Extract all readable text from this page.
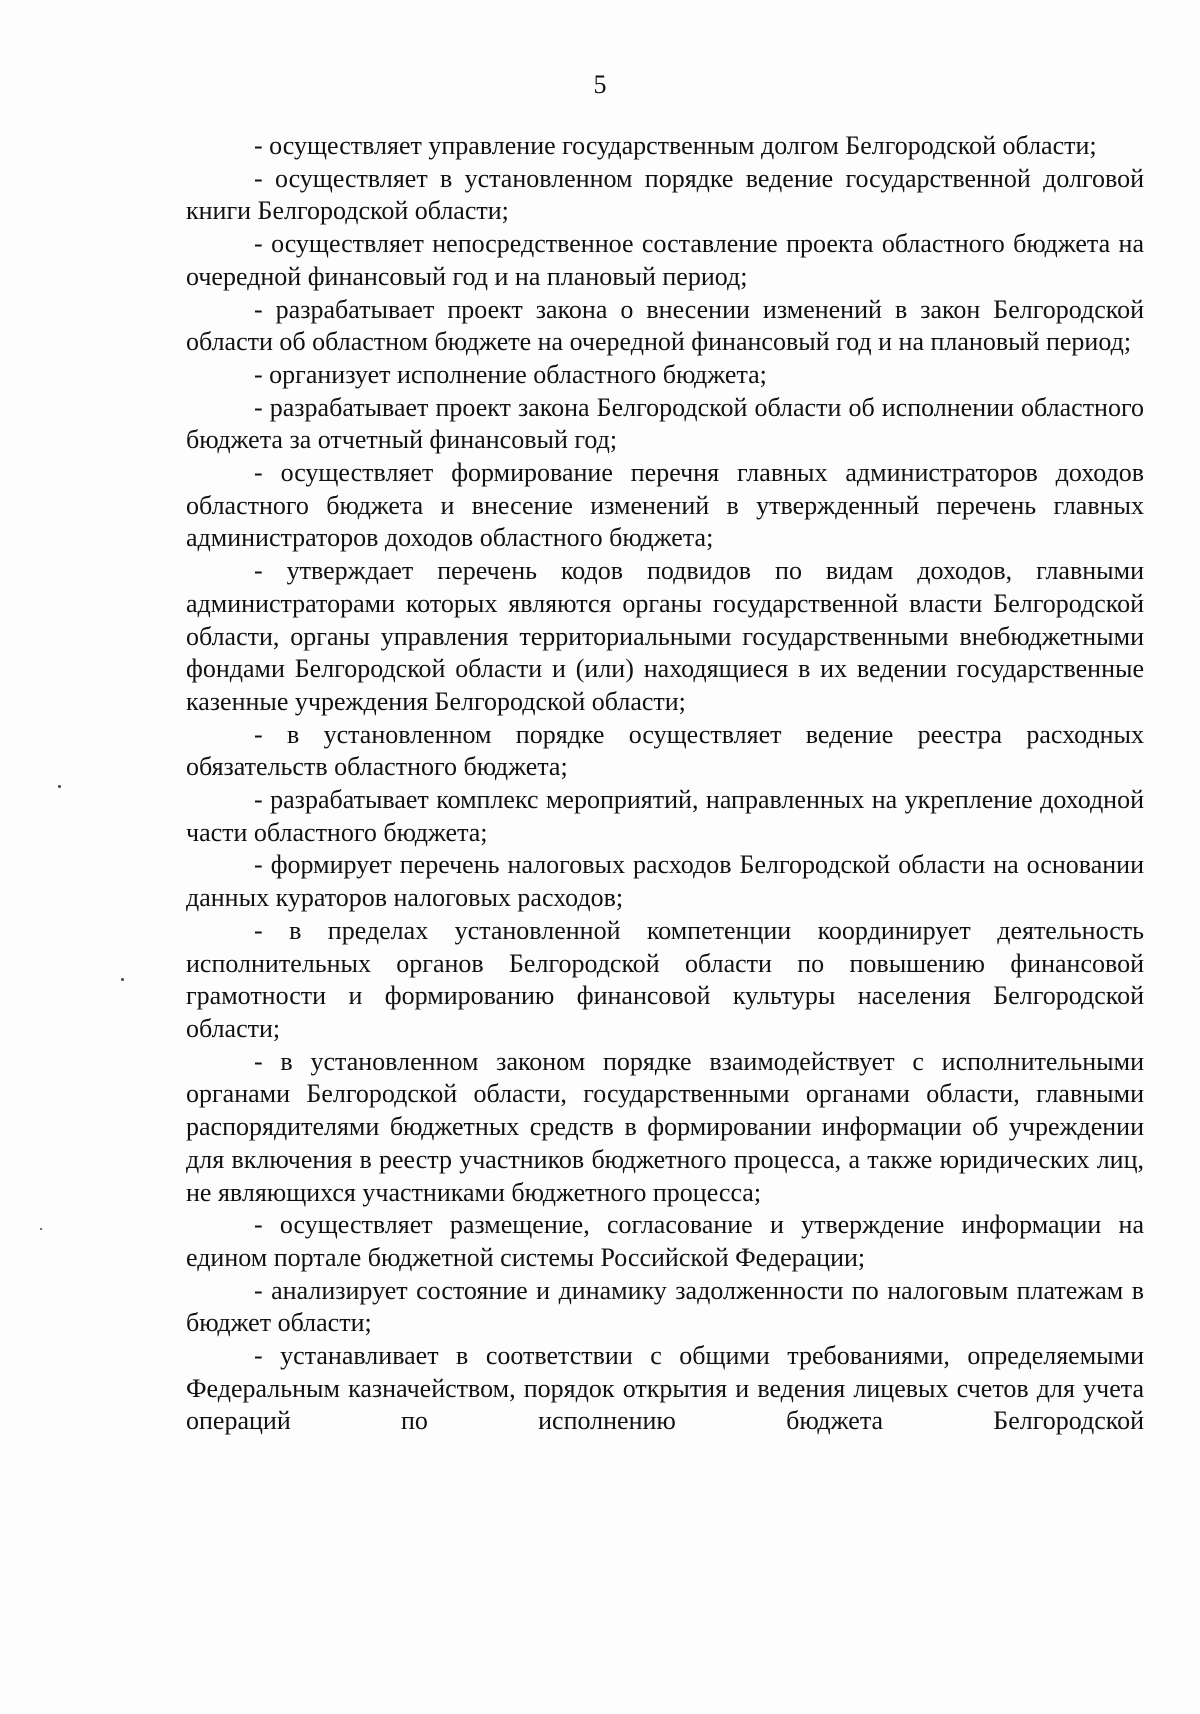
5

- осуществляет управление государственным долгом Белгородской области;

- осуществляет в установленном порядке ведение государственной долговой книги Белгородской области;

- осуществляет непосредственное составление проекта областного бюджета на очередной финансовый год и на плановый период;

- разрабатывает проект закона о внесении изменений в закон Белгородской области об областном бюджете на очередной финансовый год и на плановый период;

- организует исполнение областного бюджета;

- разрабатывает проект закона Белгородской области об исполнении областного бюджета за отчетный финансовый год;

- осуществляет формирование перечня главных администраторов доходов областного бюджета и внесение изменений в утвержденный перечень главных администраторов доходов областного бюджета;

- утверждает перечень кодов подвидов по видам доходов, главными администраторами которых являются органы государственной власти Белгородской области, органы управления территориальными государственными внебюджетными фондами Белгородской области и (или) находящиеся в их ведении государственные казенные учреждения Белгородской области;

- в установленном порядке осуществляет ведение реестра расходных обязательств областного бюджета;

- разрабатывает комплекс мероприятий, направленных на укрепление доходной части областного бюджета;

- формирует перечень налоговых расходов Белгородской области на основании данных кураторов налоговых расходов;

- в пределах установленной компетенции координирует деятельность исполнительных органов Белгородской области по повышению финансовой грамотности и формированию финансовой культуры населения Белгородской области;

- в установленном законом порядке взаимодействует с исполнительными органами Белгородской области, государственными органами области, главными распорядителями бюджетных средств в формировании информации об учреждении для включения в реестр участников бюджетного процесса, а также юридических лиц, не являющихся участниками бюджетного процесса;

- осуществляет размещение, согласование и утверждение информации на едином портале бюджетной системы Российской Федерации;

- анализирует состояние и динамику задолженности по налоговым платежам в бюджет области;

- устанавливает в соответствии с общими требованиями, определяемыми Федеральным казначейством, порядок открытия и ведения лицевых счетов для учета операций по исполнению бюджета Белгородской
